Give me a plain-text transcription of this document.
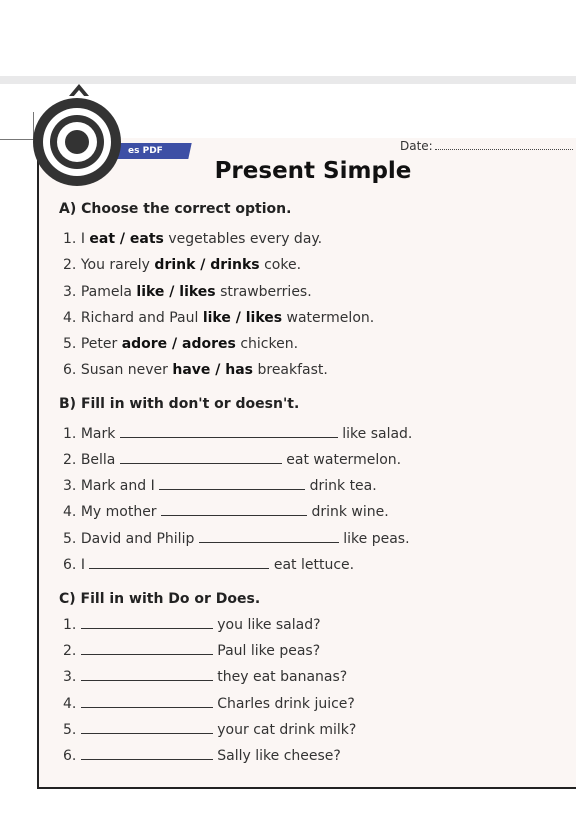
es PDF	Date:
Present Simple
A) Choose the correct option.
1. I eat / eats vegetables every day.
2. You rarely drink / drinks coke.
3. Pamela like / likes strawberries.
4. Richard and Paul like / likes watermelon.
5. Peter adore / adores chicken.
6. Susan never have / has breakfast.
B) Fill in with don't or doesn't.
1. Mark	like salad.
2. Bella	eat watermelon.
3. Mark and I	drink tea.
4. My mother	drink wine.
5. David and Philip	like peas.
6. I	eat lettuce.
C) Fill in with Do or Does.
1.	you like salad?
2.	Paul like peas?
3.	they eat bananas?
4.	Charles drink juice?
5.	your cat drink milk?
6.	Sally like cheese?
